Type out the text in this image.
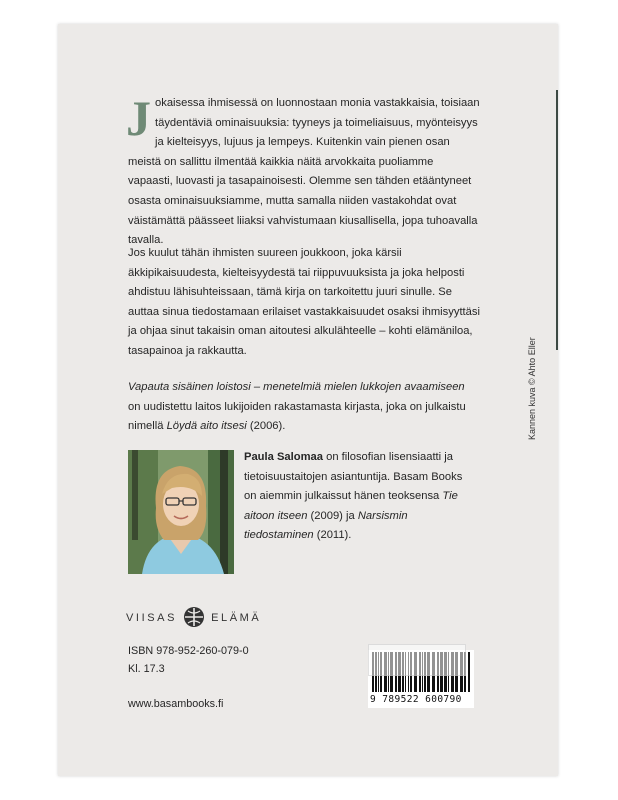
Jokaisessa ihmisessä on luonnostaan monia vastakkaisia, toisiaan täydentäviä ominaisuuksia: tyyneys ja toimeliaisuus, myönteisyys ja kielteisyys, lujuus ja lempeys. Kuitenkin vain pienen osan meistä on sallittu ilmentää kaikkia näitä arvokkaita puoliamme vapaasti, luovasti ja tasapainoisesti. Olemme sen tähden etääntyneet osasta ominaisuuksiamme, mutta samalla niiden vastakohdat ovat väistämättä päässeet liiaksi vahvistumaan kiusallisella, jopa tuhoavalla tavalla.
Jos kuulut tähän ihmisten suureen joukkoon, joka kärsii äkkipikaisuudesta, kielteisyydestä tai riippuvuuksista ja joka helposti ahdistuu lähisuhteissaan, tämä kirja on tarkoitettu juuri sinulle. Se auttaa sinua tiedostamaan erilaiset vastakkaisuudet osaksi ihmisyyttäsi ja ohjaa sinut takaisin oman aitoutesi alkulähteelle – kohti elämäniloa, tasapainoa ja rakkautta.
Vapauta sisäinen loistosi – menetelmiä mielen lukkojen avaamiseen on uudistettu laitos lukijoiden rakastamasta kirjasta, joka on julkaistu nimellä Löydä aito itsesi (2006).
Paula Salomaa on filosofian lisensiaatti ja tietoisuustaitojen asiantuntija. Basam Books on aiemmin julkaissut hänen teoksensa Tie aitoon itseen (2009) ja Narsismin tiedostaminen (2011).
VIISAS	ELÄMÄ
ISBN 978-952-260-079-0
Kl. 17.3
www.basambooks.fi
Kannen kuva © Ahto Eller
9 789522 600790
